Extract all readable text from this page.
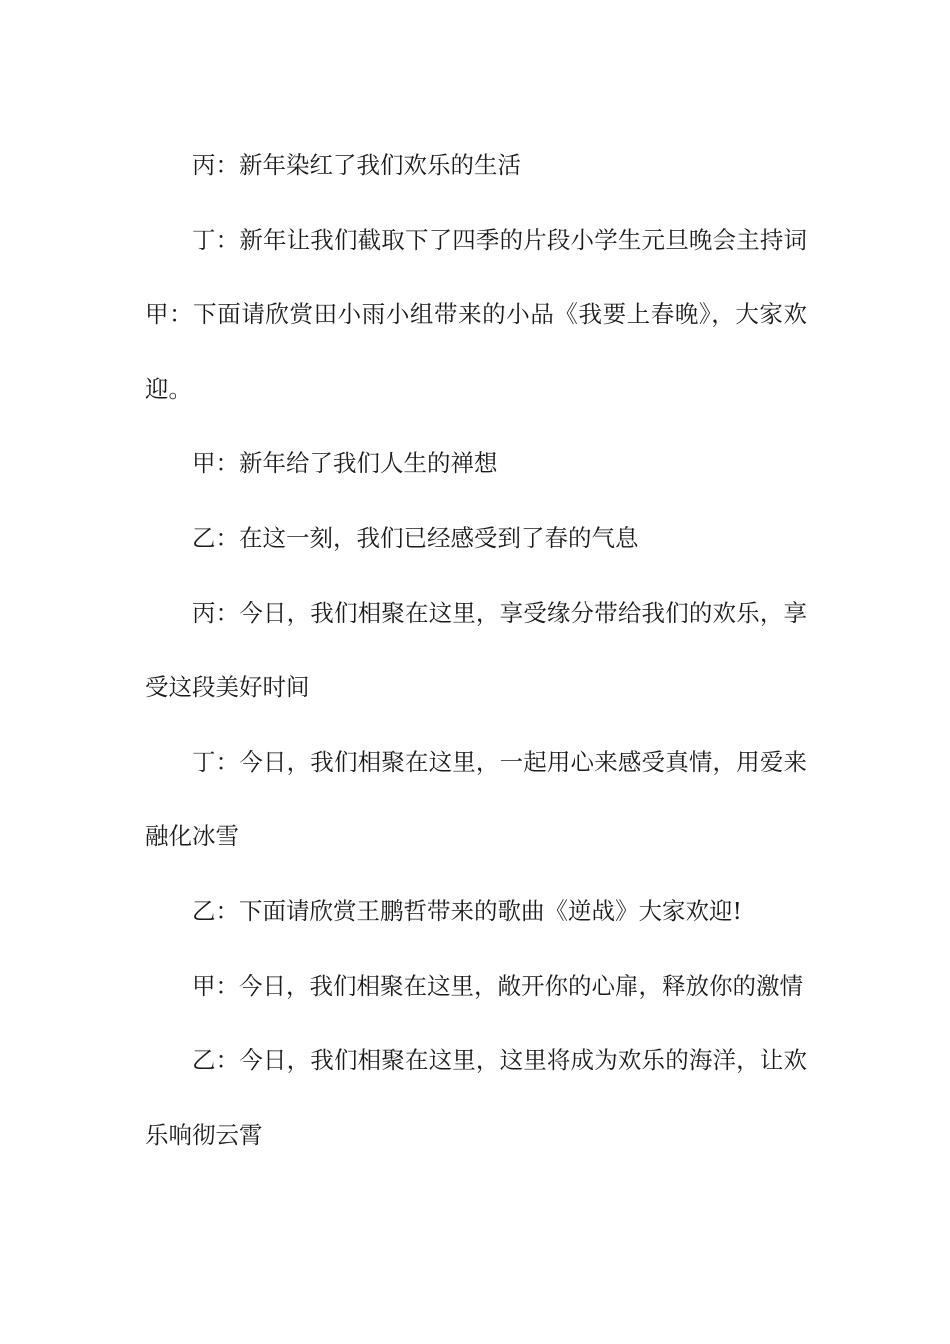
丙：新年染红了我们欢乐的生活

丁：新年让我们截取下了四季的片段小学生元旦晚会主持词甲：下面请欣赏田小雨小组带来的小品《我要上春晚》，大家欢迎。

甲：新年给了我们人生的禅想

乙：在这一刻，我们已经感受到了春的气息

丙：今日，我们相聚在这里，享受缘分带给我们的欢乐，享受这段美好时间

丁：今日，我们相聚在这里，一起用心来感受真情，用爱来融化冰雪

乙：下面请欣赏王鹏哲带来的歌曲《逆战》大家欢迎!

甲：今日，我们相聚在这里，敞开你的心扉，释放你的激情

乙：今日，我们相聚在这里，这里将成为欢乐的海洋，让欢乐响彻云霄
